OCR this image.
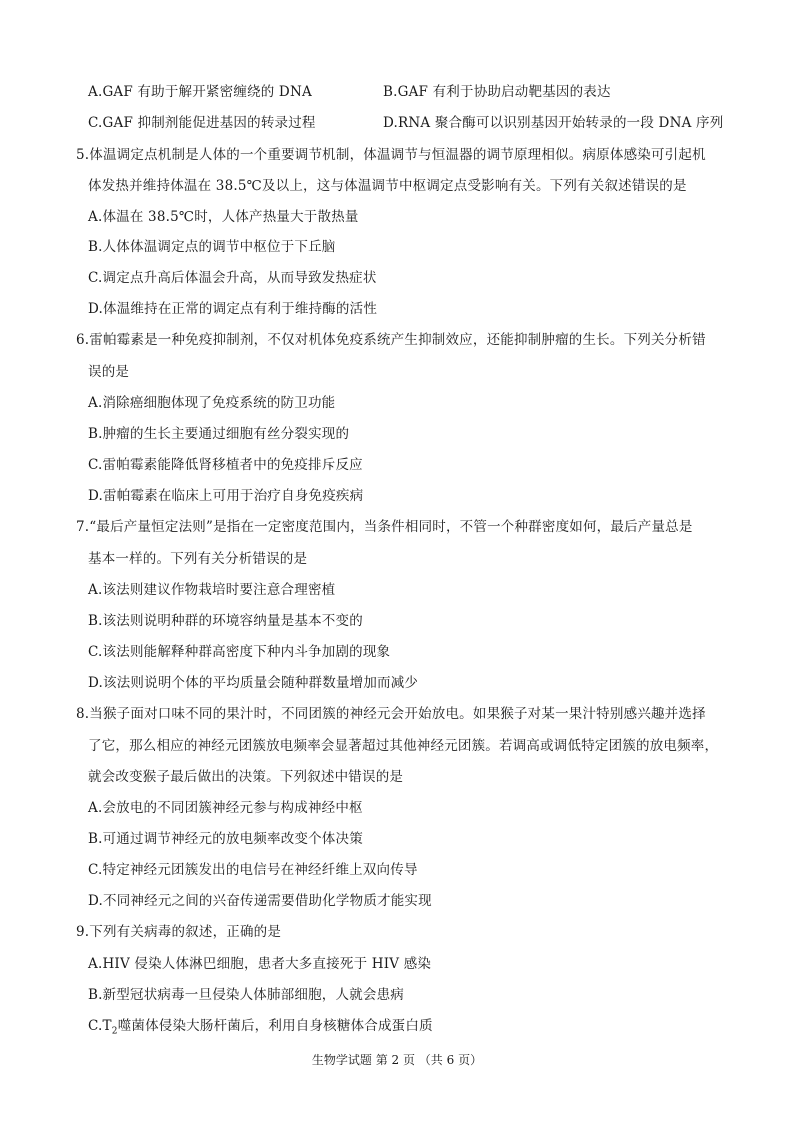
A.GAF 有助于解开紧密缠绕的 DNA	B.GAF 有利于协助启动靶基因的表达
C.GAF 抑制剂能促进基因的转录过程	D.RNA 聚合酶可以识别基因开始转录的一段 DNA 序列
5.体温调定点机制是人体的一个重要调节机制，体温调节与恒温器的调节原理相似。病原体感染可引起机
体发热并维持体温在 38.5℃及以上，这与体温调节中枢调定点受影响有关。下列有关叙述错误的是
A.体温在 38.5℃时，人体产热量大于散热量
B.人体体温调定点的调节中枢位于下丘脑
C.调定点升高后体温会升高，从而导致发热症状
D.体温维持在正常的调定点有利于维持酶的活性
6.雷帕霉素是一种免疫抑制剂，不仅对机体免疫系统产生抑制效应，还能抑制肿瘤的生长。下列关分析错
误的是
A.消除癌细胞体现了免疫系统的防卫功能
B.肿瘤的生长主要通过细胞有丝分裂实现的
C.雷帕霉素能降低肾移植者中的免疫排斥反应
D.雷帕霉素在临床上可用于治疗自身免疫疾病
7.“最后产量恒定法则”是指在一定密度范围内，当条件相同时，不管一个种群密度如何，最后产量总是
基本一样的。下列有关分析错误的是
A.该法则建议作物栽培时要注意合理密植
B.该法则说明种群的环境容纳量是基本不变的
C.该法则能解释种群高密度下种内斗争加剧的现象
D.该法则说明个体的平均质量会随种群数量增加而减少
8.当猴子面对口味不同的果汁时，不同团簇的神经元会开始放电。如果猴子对某一果汁特别感兴趣并选择
了它，那么相应的神经元团簇放电频率会显著超过其他神经元团簇。若调高或调低特定团簇的放电频率，
就会改变猴子最后做出的决策。下列叙述中错误的是
A.会放电的不同团簇神经元参与构成神经中枢
B.可通过调节神经元的放电频率改变个体决策
C.特定神经元团簇发出的电信号在神经纤维上双向传导
D.不同神经元之间的兴奋传递需要借助化学物质才能实现
9.下列有关病毒的叙述，正确的是
A.HIV 侵染人体淋巴细胞，患者大多直接死于 HIV 感染
B.新型冠状病毒一旦侵染人体肺部细胞，人就会患病
$C.T_2$噬菌体侵染大肠杆菌后，利用自身核糖体合成蛋白质
生物学试题 第 2 页 （共 6 页）
